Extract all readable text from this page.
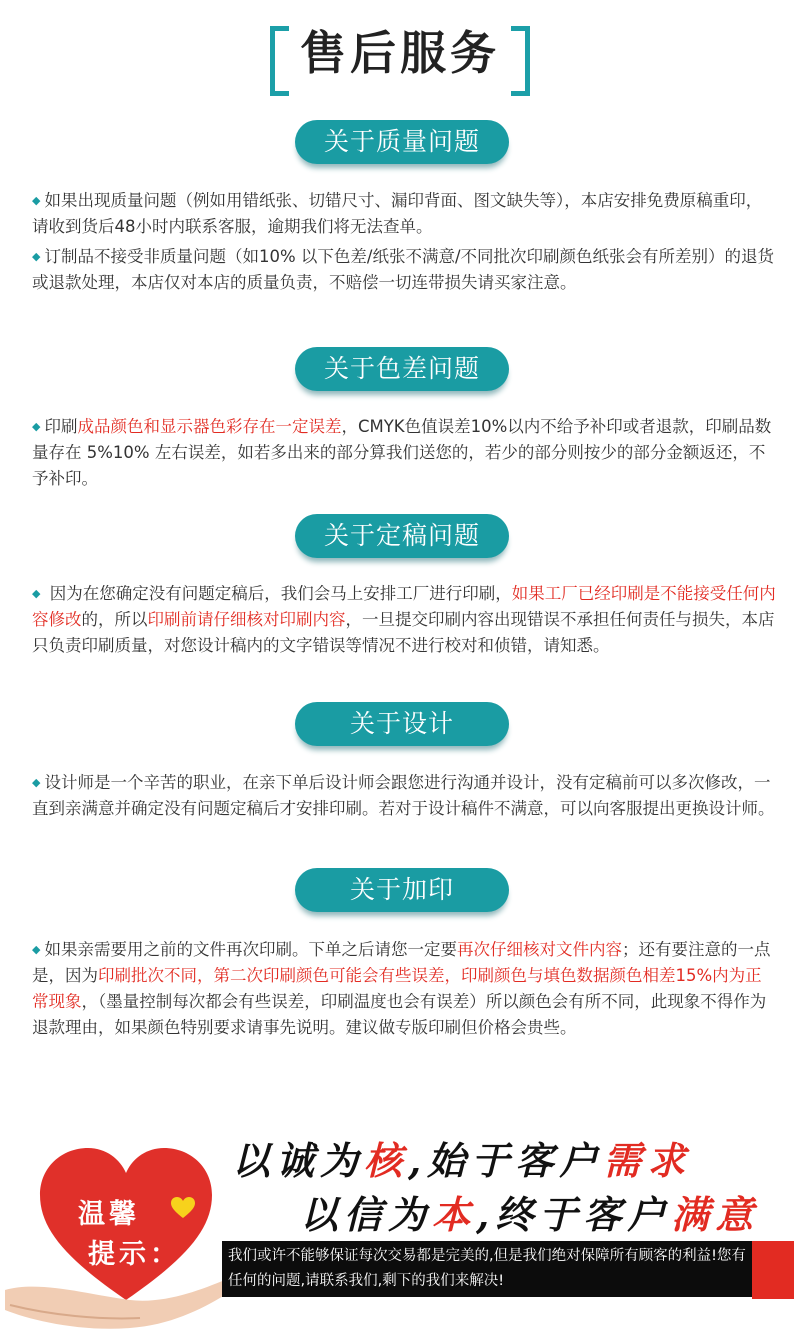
售后服务
关于质量问题
◆ 如果出现质量问题（例如用错纸张、切错尺寸、漏印背面、图文缺失等），本店安排免费原稿重印，请收到货后48小时内联系客服，逾期我们将无法查单。
◆ 订制品不接受非质量问题（如10% 以下色差/纸张不满意/不同批次印刷颜色纸张会有所差别）的退货或退款处理，本店仅对本店的质量负责，不赔偿一切连带损失请买家注意。
关于色差问题
◆ 印刷成品颜色和显示器色彩存在一定误差，CMYK色值误差10%以内不给予补印或者退款，印刷品数量存在 5%10% 左右误差，如若多出来的部分算我们送您的，若少的部分则按少的部分金额返还，不予补印。
关于定稿问题
◆ 因为在您确定没有问题定稿后，我们会马上安排工厂进行印刷，如果工厂已经印刷是不能接受任何内容修改的，所以印刷前请仔细核对印刷内容，一旦提交印刷内容出现错误不承担任何责任与损失，本店只负责印刷质量，对您设计稿内的文字错误等情况不进行校对和侦错，请知悉。
关于设计
◆ 设计师是一个辛苦的职业，在亲下单后设计师会跟您进行沟通并设计，没有定稿前可以多次修改，一直到亲满意并确定没有问题定稿后才安排印刷。若对于设计稿件不满意，可以向客服提出更换设计师。
关于加印
◆ 如果亲需要用之前的文件再次印刷。下单之后请您一定要再次仔细核对文件内容；还有要注意的一点是，因为印刷批次不同，第二次印刷颜色可能会有些误差，印刷颜色与填色数据颜色相差15%内为正常现象，（墨量控制每次都会有些误差，印刷温度也会有误差）所以颜色会有所不同，此现象不得作为退款理由，如果颜色特别要求请事先说明。建议做专版印刷但价格会贵些。
温馨
提示：
以诚为核,始于客户需求
以信为本,终于客户满意
我们或许不能够保证每次交易都是完美的,但是我们绝对保障所有顾客的利益!您有任何的问题,请联系我们,剩下的我们来解决!
